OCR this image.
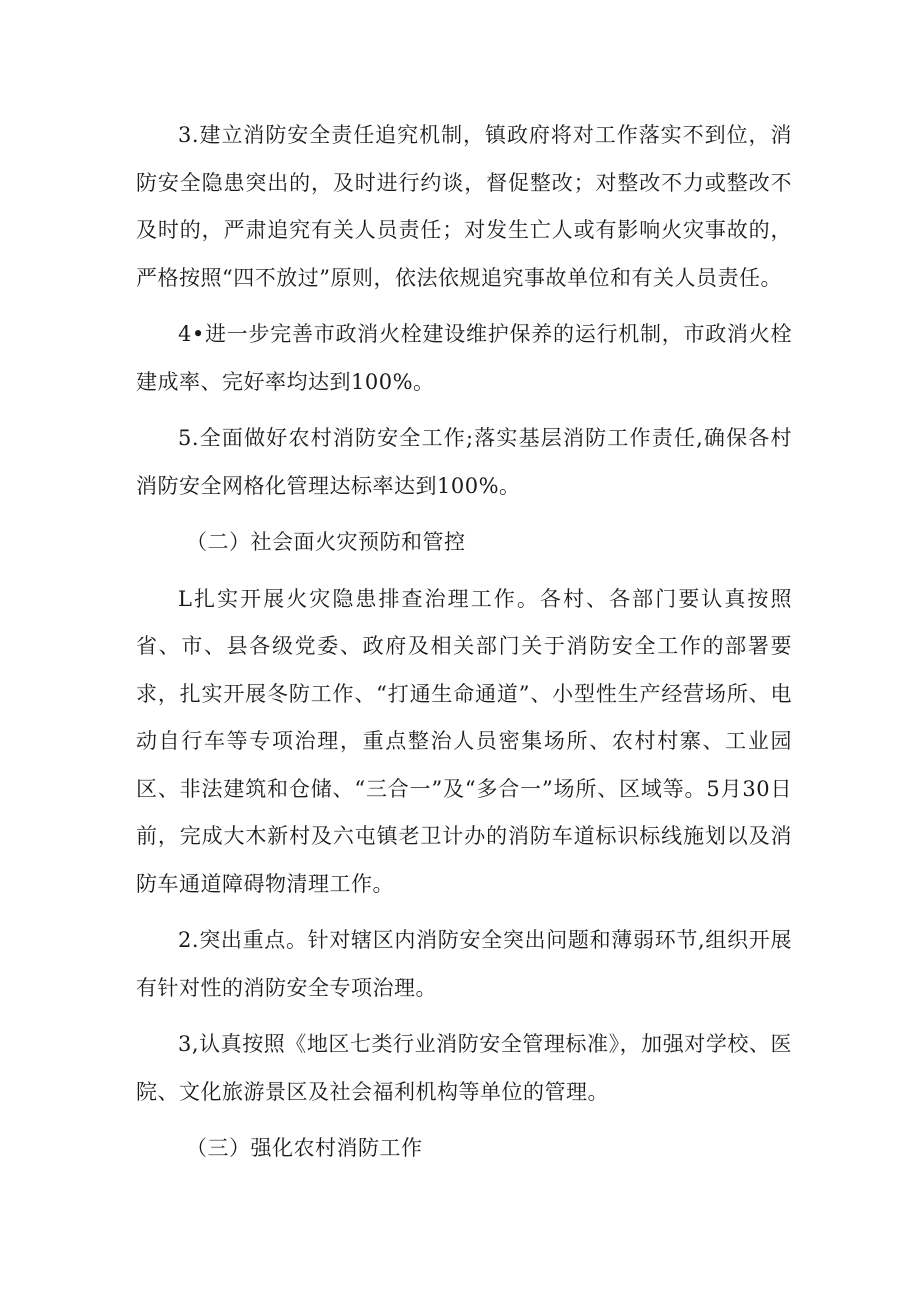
3.建立消防安全责任追究机制，镇政府将对工作落实不到位，消防安全隐患突出的，及时进行约谈，督促整改；对整改不力或整改不及时的，严肃追究有关人员责任；对发生亡人或有影响火灾事故的，严格按照“四不放过”原则，依法依规追究事故单位和有关人员责任。

4•进一步完善市政消火栓建设维护保养的运行机制，市政消火栓建成率、完好率均达到100%。

5.全面做好农村消防安全工作;落实基层消防工作责任,确保各村消防安全网格化管理达标率达到100%。

（二）社会面火灾预防和管控

L扎实开展火灾隐患排查治理工作。各村、各部门要认真按照省、市、县各级党委、政府及相关部门关于消防安全工作的部署要求，扎实开展冬防工作、“打通生命通道”、小型性生产经营场所、电动自行车等专项治理，重点整治人员密集场所、农村村寨、工业园区、非法建筑和仓储、“三合一”及“多合一”场所、区域等。5月30日前，完成大木新村及六屯镇老卫计办的消防车道标识标线施划以及消防车通道障碍物清理工作。

2.突出重点。针对辖区内消防安全突出问题和薄弱环节,组织开展有针对性的消防安全专项治理。

3,认真按照《地区七类行业消防安全管理标准》，加强对学校、医院、文化旅游景区及社会福利机构等单位的管理。

（三）强化农村消防工作
